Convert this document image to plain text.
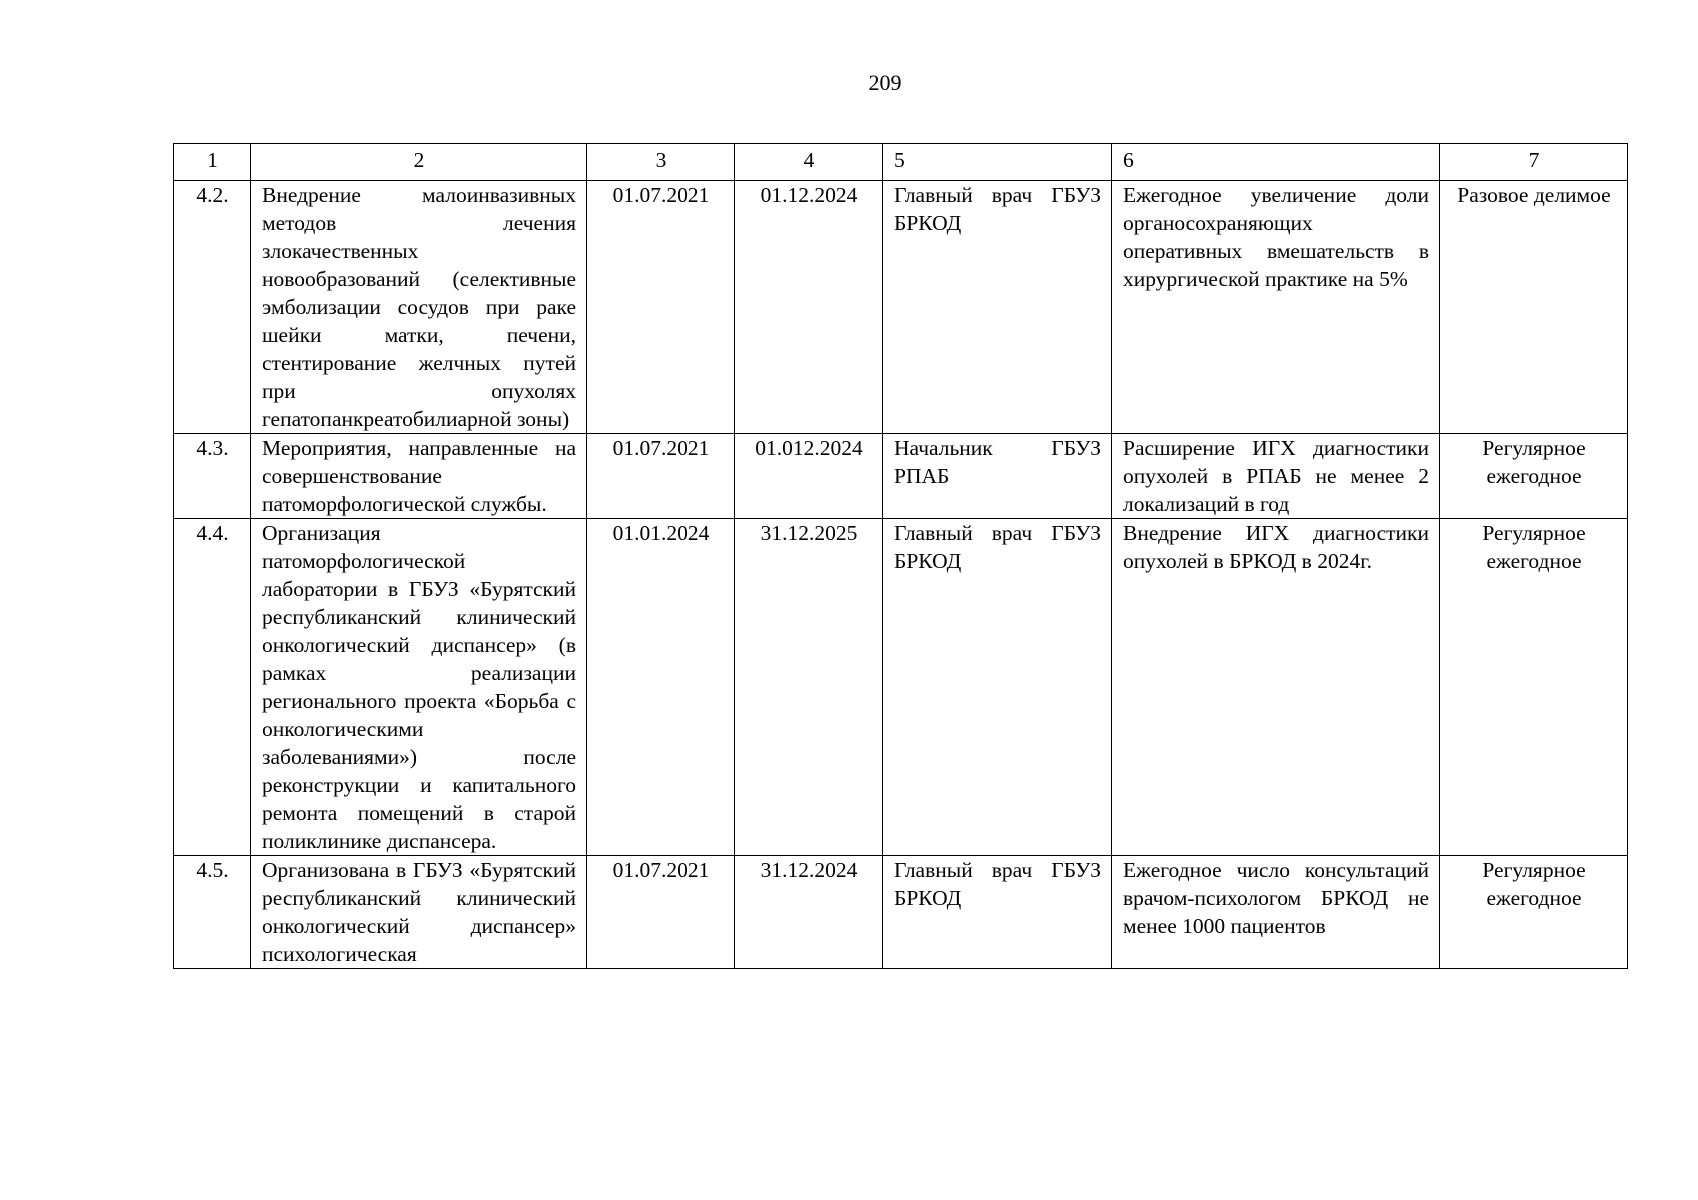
209
1	2	3	4	5	6	7
4.2.	Внедрение малоинвазивных методов лечения злокачественных новообразований (селективные эмболизации сосудов при раке шейки матки, печени, стентирование желчных путей при опухолях гепатопанкреатобилиарной зоны)	01.07.2021	01.12.2024	Главный врач ГБУЗ БРКОД	Ежегодное увеличение доли органосохраняющих оперативных вмешательств в хирургической практике на 5%	Разовое делимое
4.3.	Мероприятия, направленные на совершенствование патоморфологической службы.	01.07.2021	01.012.2024	Начальник ГБУЗ РПАБ	Расширение ИГХ диагностики опухолей в РПАБ не менее 2 локализаций в год	Регулярное ежегодное
4.4.	Организация патоморфологической лаборатории в ГБУЗ «Бурятский республиканский клинический онкологический диспансер» (в рамках реализации регионального проекта «Борьба с онкологическими заболеваниями») после реконструкции и капитального ремонта помещений в старой поликлинике диспансера.	01.01.2024	31.12.2025	Главный врач ГБУЗ БРКОД	Внедрение ИГХ диагностики опухолей в БРКОД в 2024г.	Регулярное ежегодное
4.5.	Организована в ГБУЗ «Бурятский республиканский клинический онкологический диспансер» психологическая	01.07.2021	31.12.2024	Главный врач ГБУЗ БРКОД	Ежегодное число консультаций врачом-психологом БРКОД не менее 1000 пациентов	Регулярное ежегодное
